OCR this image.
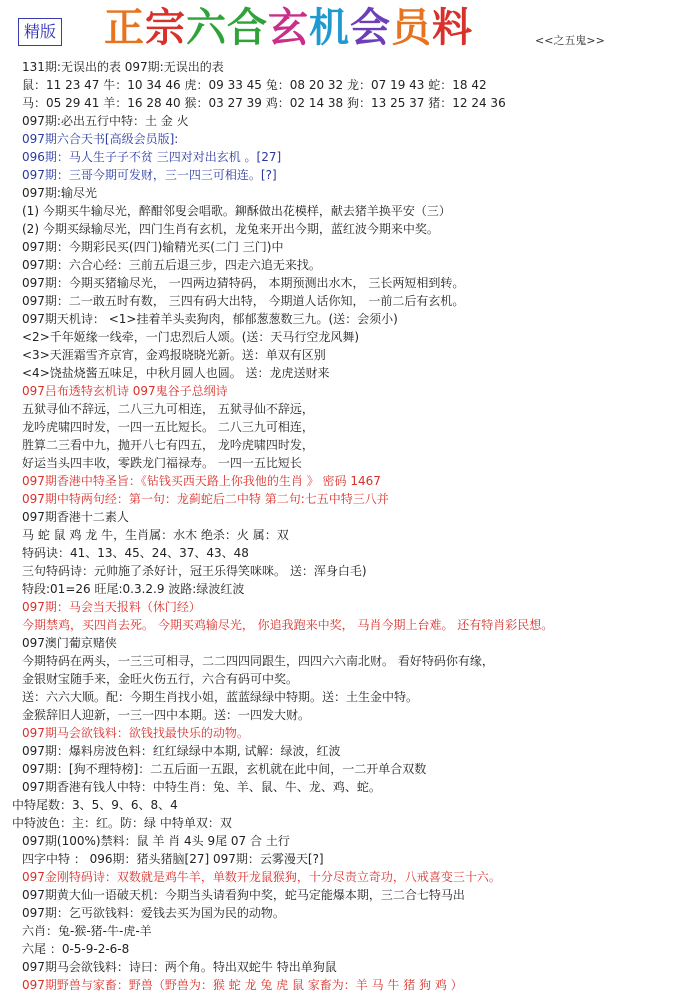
精版 正宗六合玄机会员料	<<之五鬼>>
131期:无误出的表 097期:无误出的表
鼠：11 23 47 牛：10 34 46 虎：09 33 45 兔：08 20 32 龙：07 19 43 蛇：18 42
马：05 29 41 羊：16 28 40 猴：03 27 39 鸡：02 14 38 狗：13 25 37 猪：12 24 36
097期:必出五行中特：土 金 火
097期六合天书[高级会员版]:
096期：马人生子子不贫 三四对对出玄机 。[27]
097期：三哥今期可发财，三一四三可相连。[?]
097期:输尽光
(1) 今期买牛输尽光，醉酣邻叟会唱歌。鉚酥做出花模样，献去猪羊换平安（三）
(2) 今期买绿输尽光，四门生肖有玄机，龙兔来开出今期，蓝红波今期来中奖。
097期：今期彩民买(四门)输精光买(二门 三门)中
097期：六合心经：三前五后退三步，四走六追无来找。
097期：今期买猪输尽光， 一四两边猜特码， 本期预测出水木， 三长两短相到转。
097期：二一敢五时有数， 三四有码大出特， 今期道人话你知， 一前二后有玄机。
097期天机诗： <1>挂着羊头卖狗肉，郁郁葱葱数三九。(送：会须小)
<2>千年姬缘一线牵，一门忠烈后人颂。(送：天马行空龙风舞)
<3>天涯霜雪齐京宵，金鸡报晓晓光新。送：单双有区别
<4>饶盐烧酱五味足，中秋月圆人也圆。 送：龙虎送财来
097吕布透特玄机诗 097鬼谷子总纲诗
五狱寻仙不辞远，二八三九可相连， 五狱寻仙不辞远，
龙吟虎啸四时发，一四一五比短长。 二八三九可相连，
胜算二三看中九，抛开八七有四五， 龙吟虎啸四时发，
好运当头四丰收，零跌龙门福禄寿。 一四一五比短长
097期香港中特圣旨：《钻钱买西天路上你我他的生肖 》 密码 1467
097期中特两句经：第一句：龙蓟蛇后二中特 第二句:七五中特三八并
097期香港十二素人
马 蛇 鼠 鸡 龙 牛，生肖属：水木 绝杀：火 属：双
特码诀：41、13、45、24、37、43、48
三句特码诗：元帅施了杀好计，冠王乐得笑咪咪。 送：浑身白毛)
特段:01=26 旺尾:0.3.2.9 波路:绿波红波
097期：马会当天报料（休门经）
今期禁鸡，买四肖去死。 今期买鸡输尽光， 你追我跑来中奖， 马肖今期上台难。 还有特肖彩民想。
097澳门葡京赌侠
今期特码在两头，一三三可相寻，二二四四同跟生，四四六六南北财。 看好特码你有缘，
金银财宝随手来，金旺火伤五行，六合有码可中奖。
送：六六大顺。配：今期生肖找小姐，蓝蓝绿绿中特期。送：土生金中特。
金猴辞旧人迎新，一三一四中本期。送：一四发大财。
097期马会欲钱料：欲钱找最快乐的动物。
097期：爆料房波色料：红红绿绿中本期, 试解：绿波，红波
097期：[狗不理特榜]：二五后面一五跟，玄机就在此中间，一二开单合双数
097期香港有钱人中特：中特生肖：兔、羊、鼠、牛、龙、鸡、蛇。
中特尾数：3、5、9、6、8、4
中特波色：主：红。防：绿 中特单双：双
097期(100%)禁料：鼠 羊 肖 4头 9尾 07 合 土行
四字中特 ： 096期：猪头猪脑[27] 097期：云雾漫天[?]
097金刚特码诗：双数就是鸡牛羊，单数开龙鼠猴狗，十分尽责立奇功，八戒喜变三十六。
097期黄大仙一语破天机：今期当头请看狗中奖，蛇马定能爆本期，三二合七特马出
097期：乞丐欲钱料：爱钱去买为国为民的动物。
六肖：兔-猴-猪-牛-虎-羊
六尾 ：0-5-9-2-6-8
097期马会欲钱料：诗曰：两个角。特出双蛇牛 特出单狗鼠
097期野兽与家畜：野兽（野兽为：猴 蛇 龙 兔 虎 鼠 家畜为：羊 马 牛 猪 狗 鸡 ）
